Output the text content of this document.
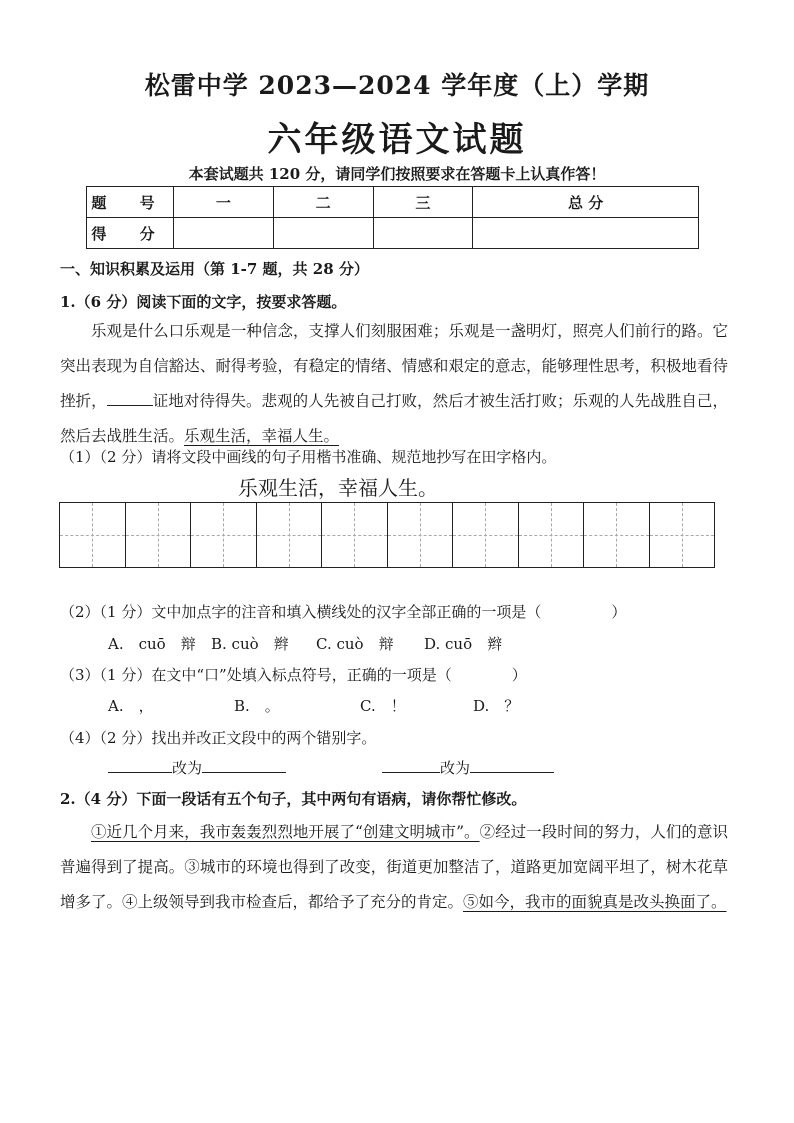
松雷中学 2023—2024 学年度（上）学期
六年级语文试题
本套试题共 120 分，请同学们按照要求在答题卡上认真作答！
题 号	一	二	三	总 分
得 分				
一、知识积累及运用（第 1-7 题，共 28 分）
1.（6 分）阅读下面的文字，按要求答题。
乐观是什么口乐观是一种信念，支撑人们刻服困难；乐观是一盏明灯，照亮人们前行的路。它突出表现为自信豁达、耐得考验，有稳定的情绪、情感和艰定的意志，能够理性思考，积极地看待挫折，	证地对待得失。悲观的人先被自己打败，然后才被生活打败；乐观的人先战胜自己，然后去战胜生活。乐观生活，幸福人生。
（1）（2 分）请将文段中画线的句子用楷书准确、规范地抄写在田字格内。
乐观生活，幸福人生。
（2）（1 分）文中加点字的注音和填入横线处的汉字全部正确的一项是（	）
A.　cuō　辩	B. cuò　辫	C. cuò　辩	D. cuō　辫
（3）（1 分）在文中“口”处填入标点符号，正确的一项是（	）
A.　，	B.　。	C.　！	D.　？
（4）（2 分）找出并改正文段中的两个错别字。
改为	改为
2.（4 分）下面一段话有五个句子，其中两句有语病，请你帮忙修改。
①近几个月来，我市轰轰烈烈地开展了“创建文明城市”。②经过一段时间的努力，人们的意识普遍得到了提高。③城市的环境也得到了改变，街道更加整洁了，道路更加宽阔平坦了，树木花草增多了。④上级领导到我市检查后，都给予了充分的肯定。⑤如今，我市的面貌真是改头换面了。
